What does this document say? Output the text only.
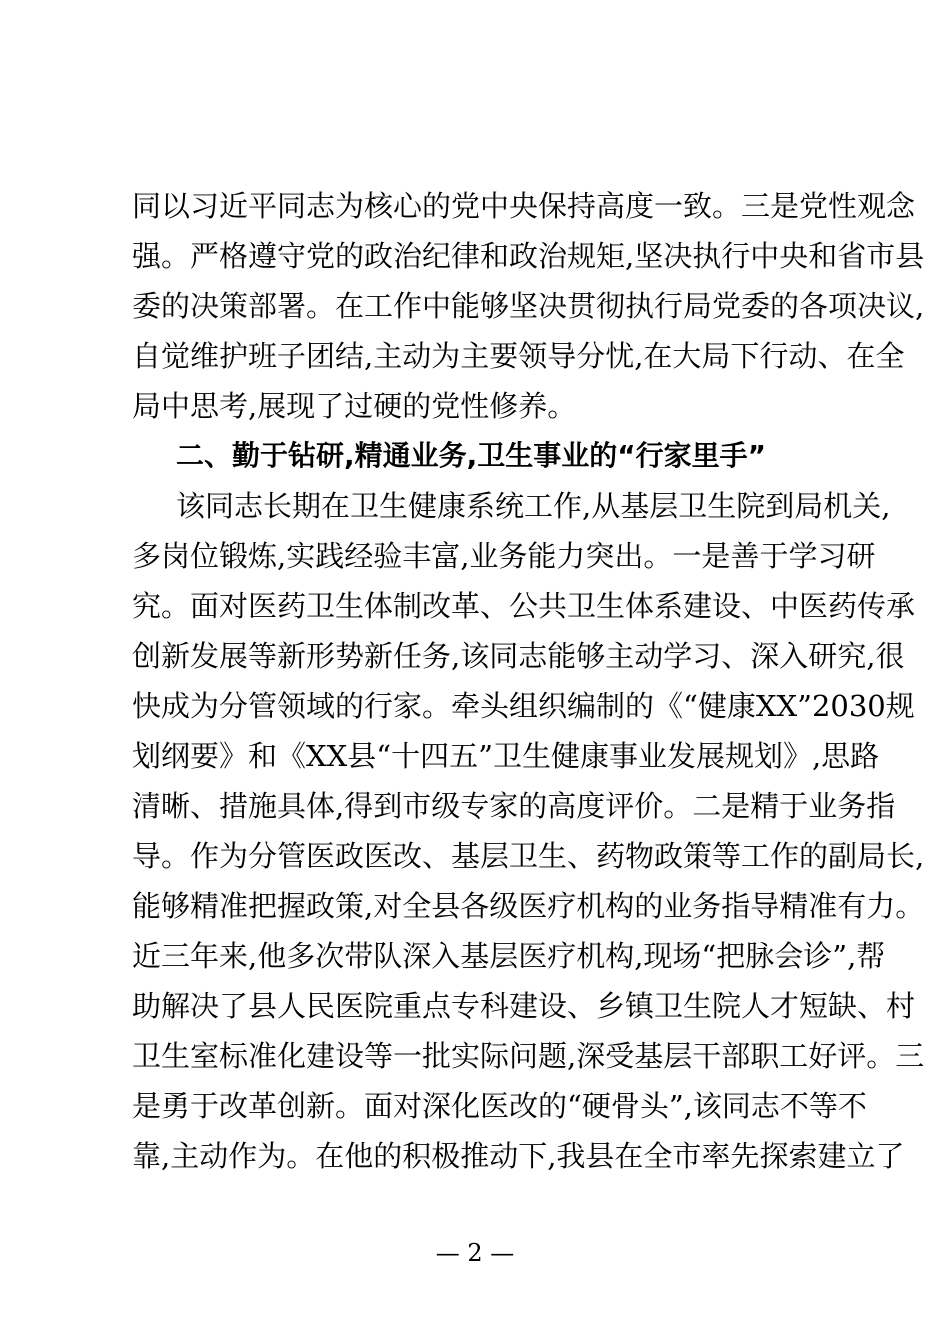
同以习近平同志为核心的党中央保持高度一致。三是党性观念
强。严格遵守党的政治纪律和政治规矩,坚决执行中央和省市县
委的决策部署。在工作中能够坚决贯彻执行局党委的各项决议,
自觉维护班子团结,主动为主要领导分忧,在大局下行动、在全
局中思考,展现了过硬的党性修养。
二、勤于钻研,精通业务,卫生事业的“行家里手”
该同志长期在卫生健康系统工作,从基层卫生院到局机关,
多岗位锻炼,实践经验丰富,业务能力突出。一是善于学习研
究。面对医药卫生体制改革、公共卫生体系建设、中医药传承
创新发展等新形势新任务,该同志能够主动学习、深入研究,很
快成为分管领域的行家。牵头组织编制的《“健康XX”2030规
划纲要》和《XX县“十四五”卫生健康事业发展规划》,思路
清晰、措施具体,得到市级专家的高度评价。二是精于业务指
导。作为分管医政医改、基层卫生、药物政策等工作的副局长,
能够精准把握政策,对全县各级医疗机构的业务指导精准有力。
近三年来,他多次带队深入基层医疗机构,现场“把脉会诊”,帮
助解决了县人民医院重点专科建设、乡镇卫生院人才短缺、村
卫生室标准化建设等一批实际问题,深受基层干部职工好评。三
是勇于改革创新。面对深化医改的“硬骨头”,该同志不等不
靠,主动作为。在他的积极推动下,我县在全市率先探索建立了
— 2 —
